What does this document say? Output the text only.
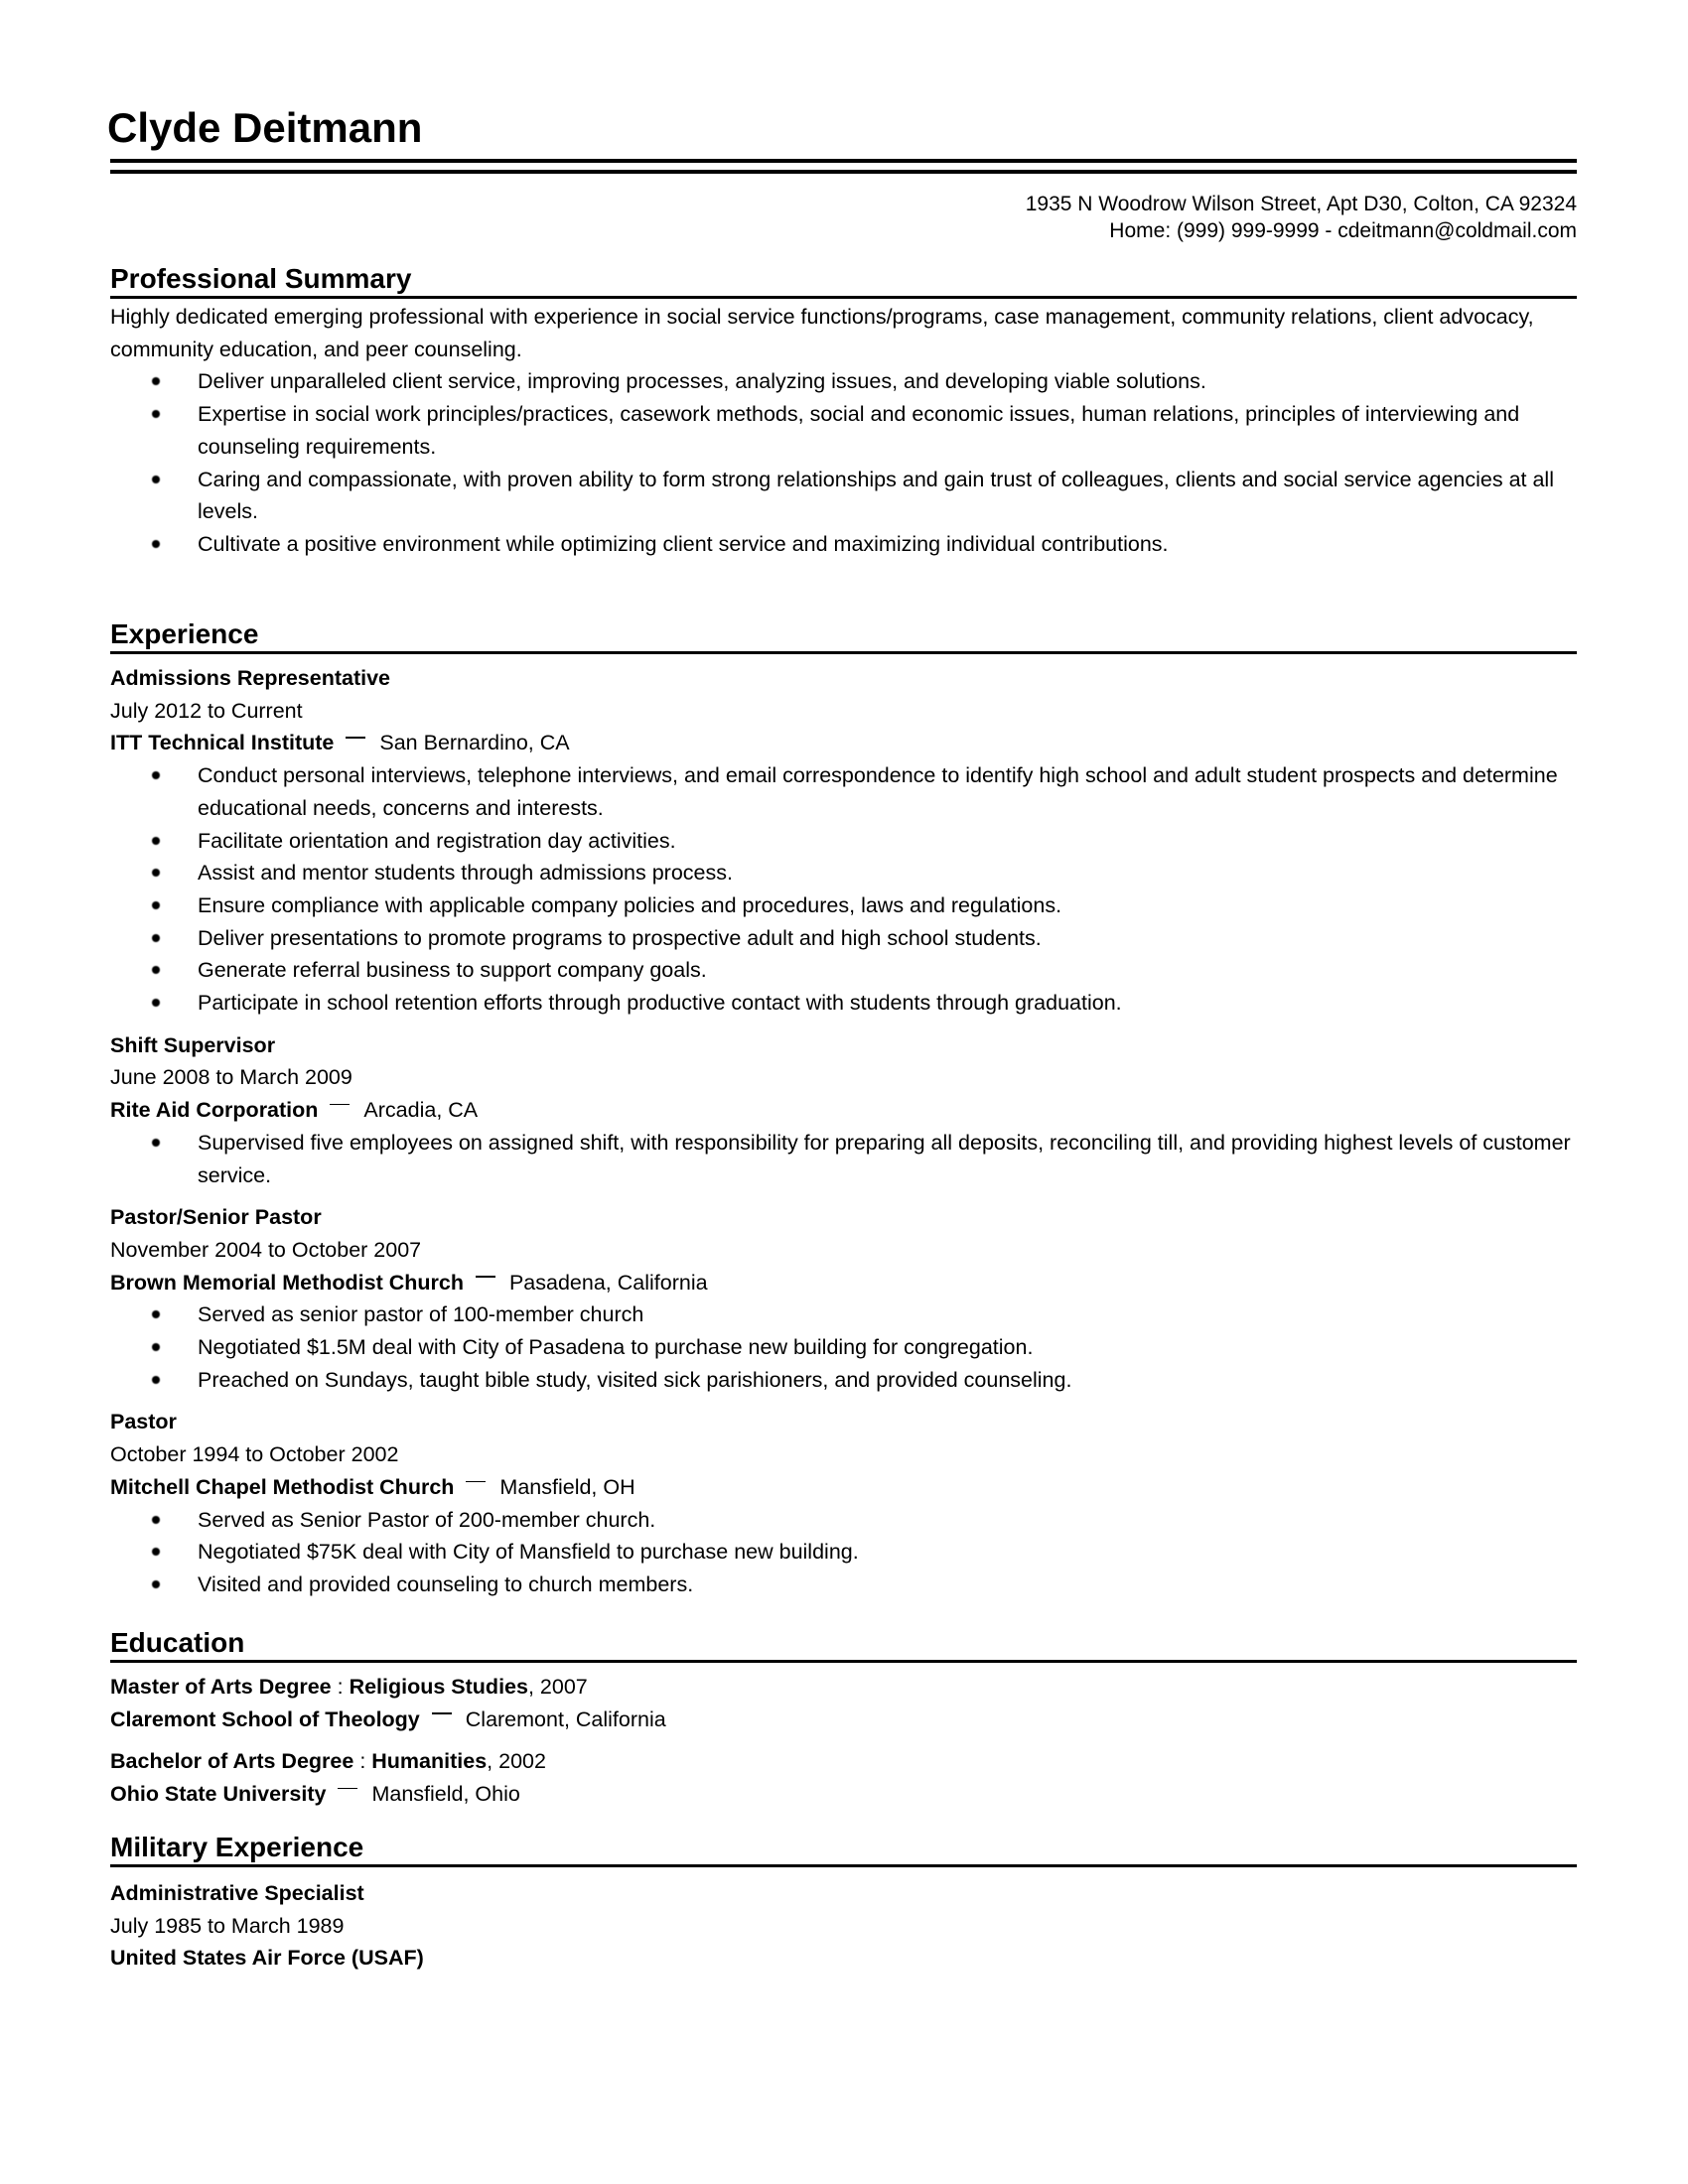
Clyde Deitmann
1935 N Woodrow Wilson Street, Apt D30, Colton, CA 92324
Home: (999) 999-9999 - cdeitmann@coldmail.com
Professional Summary

Highly dedicated emerging professional with experience in social service functions/programs, case management, community relations, client advocacy, community education, and peer counseling.

Deliver unparalleled client service, improving processes, analyzing issues, and developing viable solutions.
Expertise in social work principles/practices, casework methods, social and economic issues, human relations, principles of interviewing and counseling requirements.
Caring and compassionate, with proven ability to form strong relationships and gain trust of colleagues, clients and social service agencies at all levels.
Cultivate a positive environment while optimizing client service and maximizing individual contributions.
Experience
Admissions Representative
July 2012 to Current
ITT Technical Institute San Bernardino, CA
Conduct personal interviews, telephone interviews, and email correspondence to identify high school and adult student prospects and determine educational needs, concerns and interests.
Facilitate orientation and registration day activities.
Assist and mentor students through admissions process.
Ensure compliance with applicable company policies and procedures, laws and regulations.
Deliver presentations to promote programs to prospective adult and high school students.
Generate referral business to support company goals.
Participate in school retention efforts through productive contact with students through graduation.
Shift Supervisor
June 2008 to March 2009
Rite Aid Corporation Arcadia, CA
Supervised five employees on assigned shift, with responsibility for preparing all deposits, reconciling till, and providing highest levels of customer service.
Pastor/Senior Pastor
November 2004 to October 2007
Brown Memorial Methodist Church Pasadena, California
Served as senior pastor of 100-member church
Negotiated $1.5M deal with City of Pasadena to purchase new building for congregation.
Preached on Sundays, taught bible study, visited sick parishioners, and provided counseling.
Pastor
October 1994 to October 2002
Mitchell Chapel Methodist Church Mansfield, OH
Served as Senior Pastor of 200-member church.
Negotiated $75K deal with City of Mansfield to purchase new building.
Visited and provided counseling to church members.
Education
Master of Arts Degree : Religious Studies, 2007
Claremont School of Theology Claremont, California
Bachelor of Arts Degree : Humanities, 2002
Ohio State University Mansfield, Ohio
Military Experience
Administrative Specialist
July 1985 to March 1989
United States Air Force (USAF)
